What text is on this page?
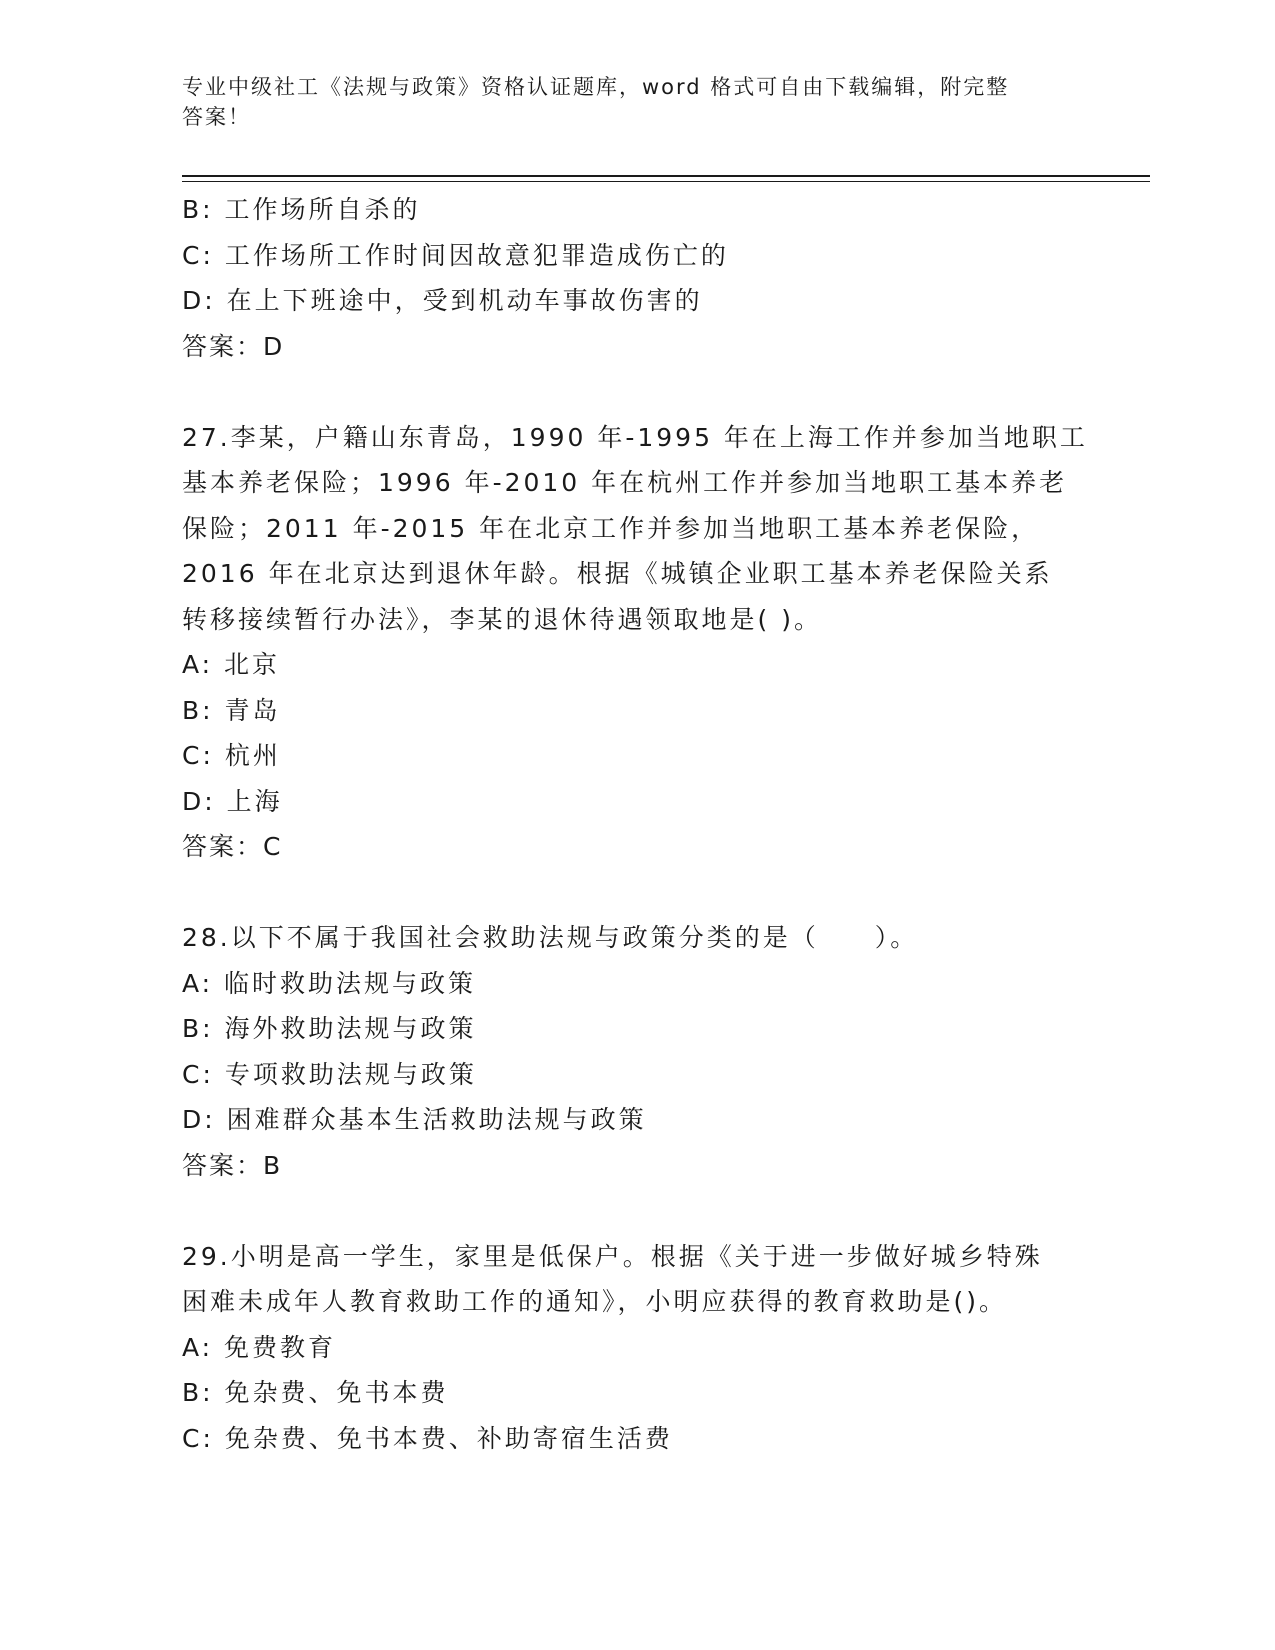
专业中级社工《法规与政策》资格认证题库，word 格式可自由下载编辑，附完整
答案！
B: 工作场所自杀的
C: 工作场所工作时间因故意犯罪造成伤亡的
D: 在上下班途中，受到机动车事故伤害的
答案：D

27.李某，户籍山东青岛，1990 年-1995 年在上海工作并参加当地职工

基本养老保险；1996 年-2010 年在杭州工作并参加当地职工基本养老

保险；2011 年-2015 年在北京工作并参加当地职工基本养老保险，

2016 年在北京达到退休年龄。根据《城镇企业职工基本养老保险关系

转移接续暂行办法》，李某的退休待遇领取地是( )。

A: 北京
B: 青岛
C: 杭州
D: 上海
答案：C
28.以下不属于我国社会救助法规与政策分类的是（　　）。
A: 临时救助法规与政策
B: 海外救助法规与政策
C: 专项救助法规与政策
D: 困难群众基本生活救助法规与政策
答案：B

29.小明是高一学生，家里是低保户。根据《关于进一步做好城乡特殊

困难未成年人教育救助工作的通知》，小明应获得的教育救助是()。

A: 免费教育
B: 免杂费、免书本费
C: 免杂费、免书本费、补助寄宿生活费
